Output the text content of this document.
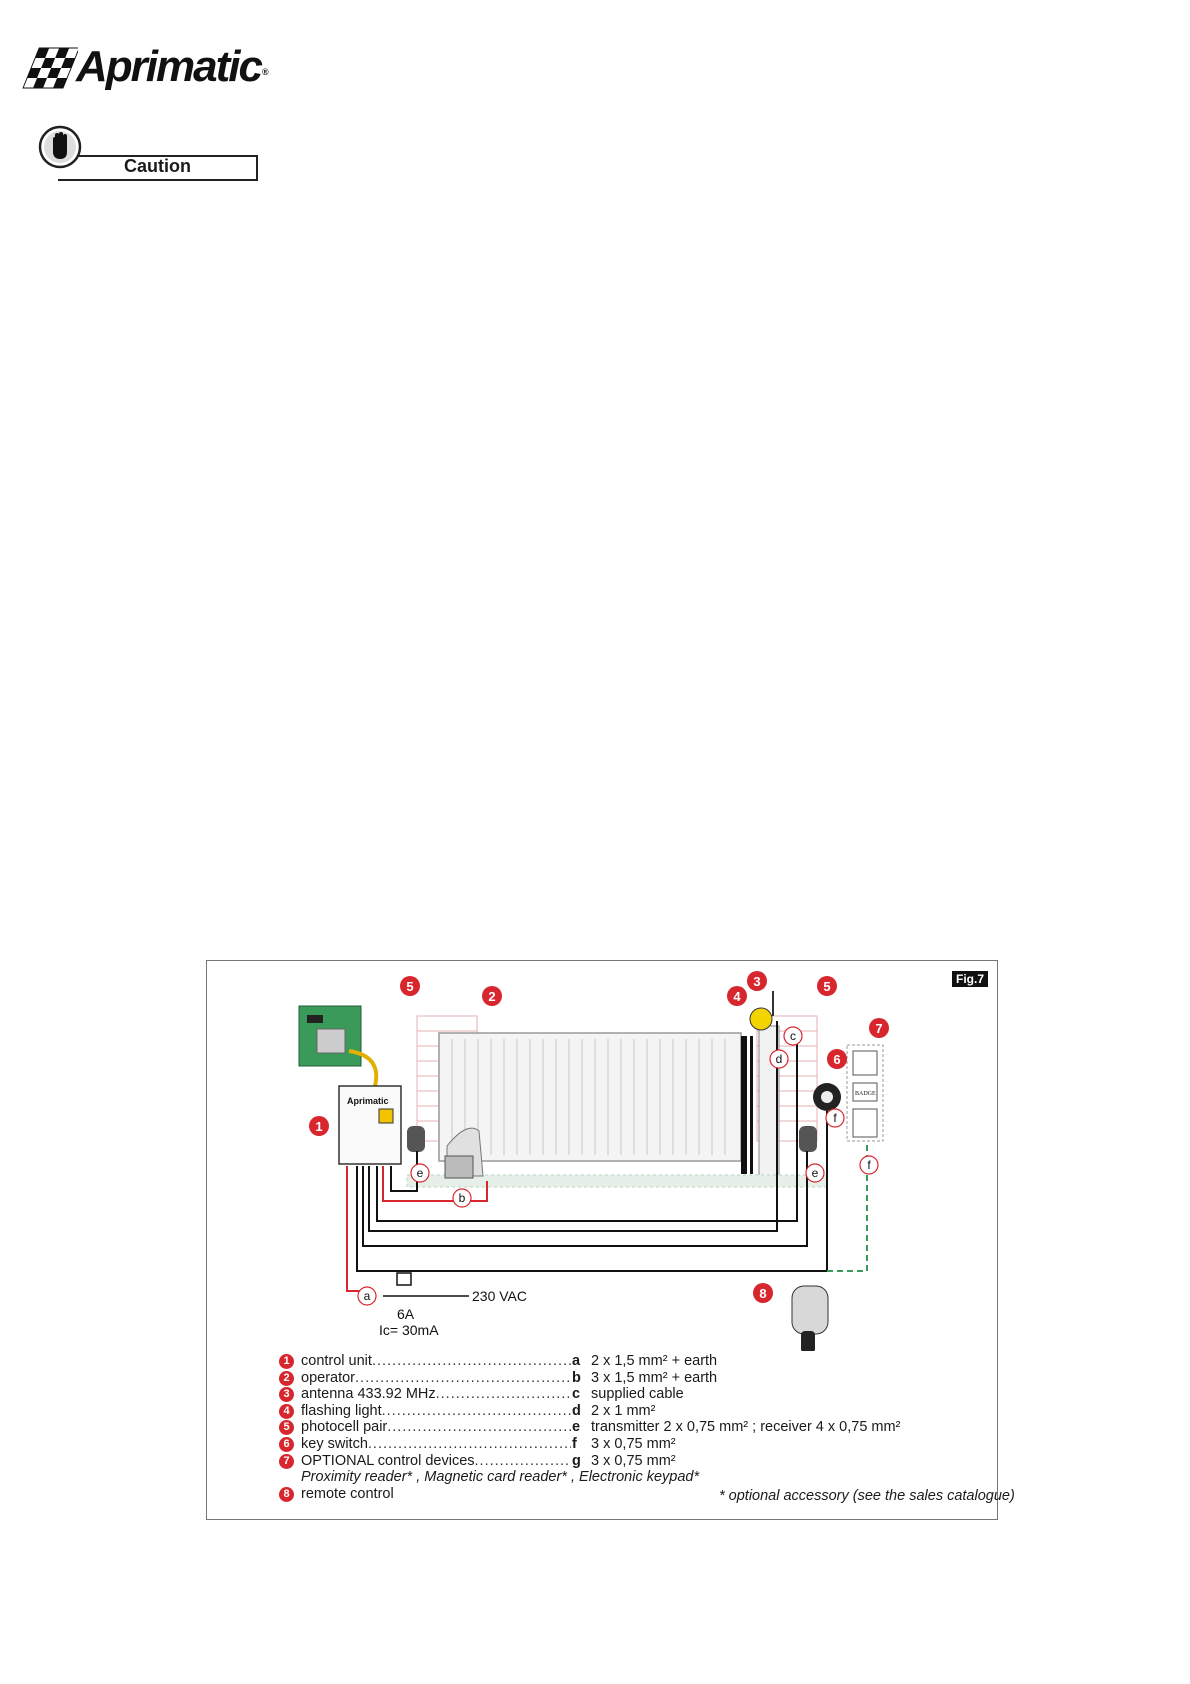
Aprimatic®
Caution
Fig.7
Aprimatic
BADGE
230 VAC
6A
Ic= 30mA
1
2
3
4
5	5
6
7
8
a
b
c
d
e	e
f
f
1 control unit .....	a 2 x 1,5 mm² + earth
2 operator .....	b 3 x 1,5 mm² + earth
3 antenna 433.92 MHz .....	c supplied cable
4 flashing light .....	d 2 x 1 mm²
5 photocell pair .....	e transmitter 2 x 0,75 mm² ; receiver 4 x 0,75 mm²
6 key switch .....	f 3 x 0,75 mm²
7 OPTIONAL control devices .....	g 3 x 0,75 mm²
Proximity reader* , Magnetic card reader* , Electronic keypad*
8 remote control	* optional accessory (see the sales catalogue)
